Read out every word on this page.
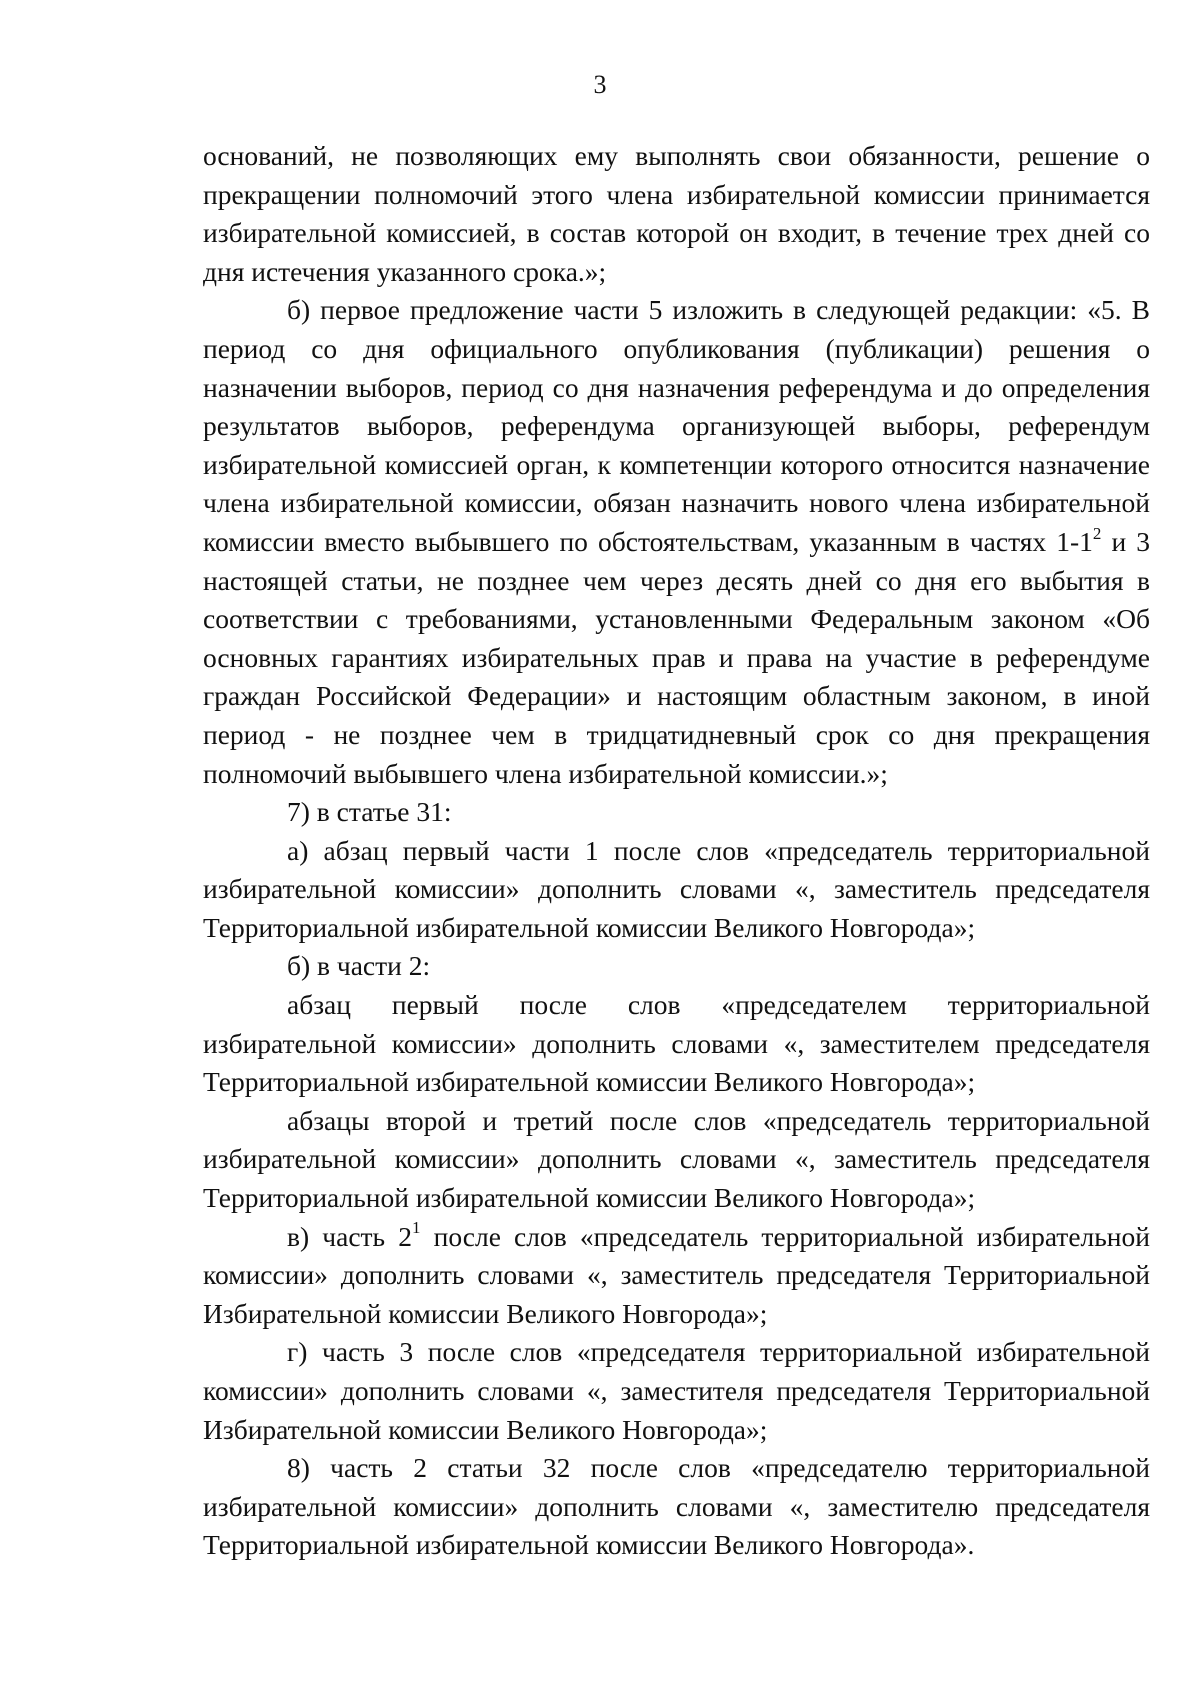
3

оснований, не позволяющих ему выполнять свои обязанности, решение о прекращении полномочий этого члена избирательной комиссии принимается избирательной комиссией, в состав которой он входит, в течение трех дней со дня истечения указанного срока.»;

б) первое предложение части 5 изложить в следующей редакции: «5. В период со дня официального опубликования (публикации) решения о назначении выборов, период со дня назначения референдума и до определения результатов выборов, референдума организующей выборы, референдум избирательной комиссией орган, к компетенции которого относится назначение члена избирательной комиссии, обязан назначить нового члена избирательной комиссии вместо выбывшего по обстоятельствам, указанным в частях $1-1^2$ и 3 настоящей статьи, не позднее чем через десять дней со дня его выбытия в соответствии с требованиями, установленными Федеральным законом «Об основных гарантиях избирательных прав и права на участие в референдуме граждан Российской Федерации» и настоящим областным законом, в иной период - не позднее чем в тридцатидневный срок со дня прекращения полномочий выбывшего члена избирательной комиссии.»;

7) в статье 31:

а) абзац первый части 1 после слов «председатель территориальной избирательной комиссии» дополнить словами «, заместитель председателя Территориальной избирательной комиссии Великого Новгорода»;

б) в части 2:

абзац первый после слов «председателем территориальной избирательной комиссии» дополнить словами «, заместителем председателя Территориальной избирательной комиссии Великого Новгорода»;

абзацы второй и третий после слов «председатель территориальной избирательной комиссии» дополнить словами «, заместитель председателя Территориальной избирательной комиссии Великого Новгорода»;

в) часть $2^1$ после слов «председатель территориальной избирательной комиссии» дополнить словами «, заместитель председателя Территориальной Избирательной комиссии Великого Новгорода»;

г) часть 3 после слов «председателя территориальной избирательной комиссии» дополнить словами «, заместителя председателя Территориальной Избирательной комиссии Великого Новгорода»;

8) часть 2 статьи 32 после слов «председателю территориальной избирательной комиссии» дополнить словами «, заместителю председателя Территориальной избирательной комиссии Великого Новгорода».
